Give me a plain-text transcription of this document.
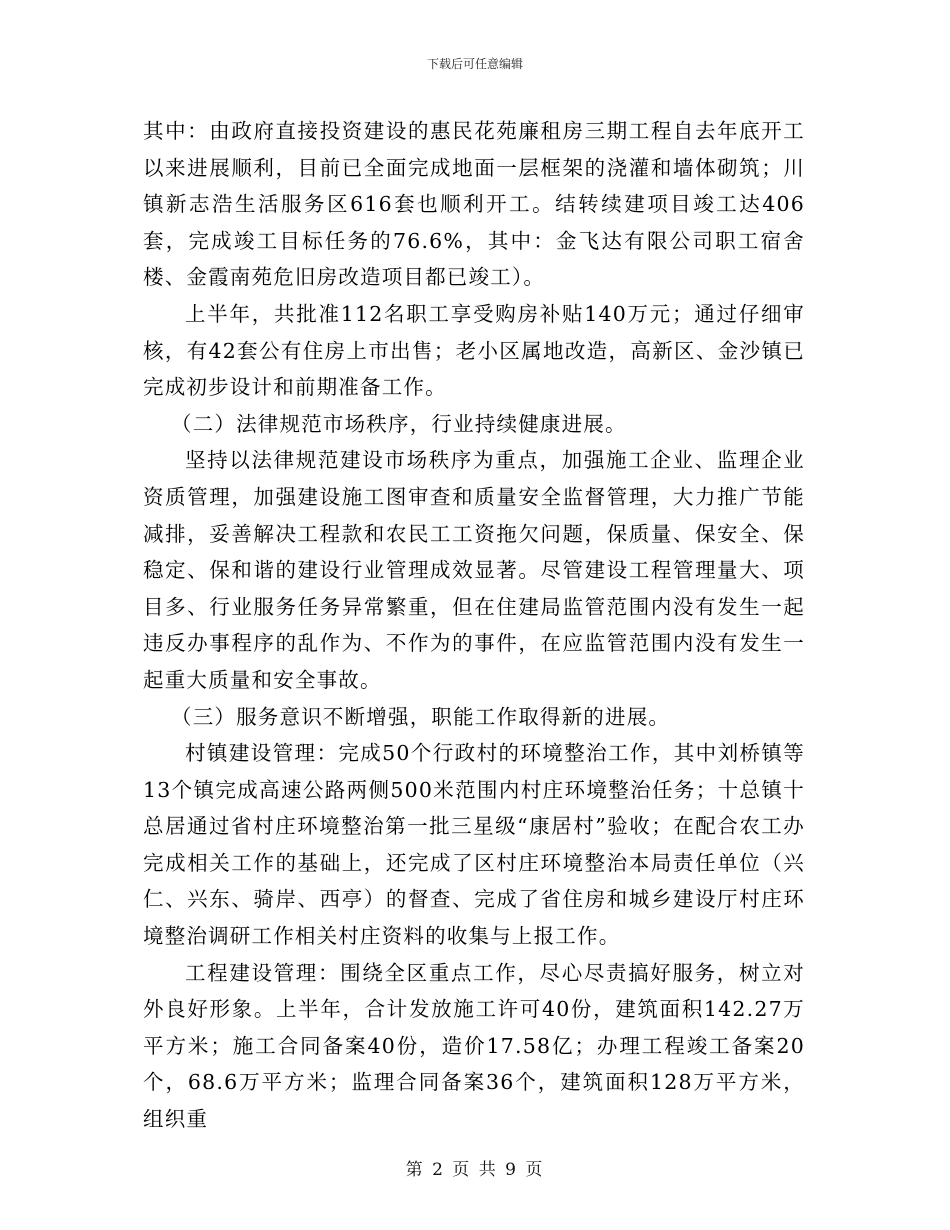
下载后可任意编辑

其中：由政府直接投资建设的惠民花苑廉租房三期工程自去年底开工以来进展顺利，目前已全面完成地面一层框架的浇灌和墙体砌筑；川镇新志浩生活服务区616套也顺利开工。结转续建项目竣工达406套，完成竣工目标任务的76.6%，其中：金飞达有限公司职工宿舍楼、金霞南苑危旧房改造项目都已竣工）。

上半年，共批准112名职工享受购房补贴140万元；通过仔细审核，有42套公有住房上市出售；老小区属地改造，高新区、金沙镇已完成初步设计和前期准备工作。

（二）法律规范市场秩序，行业持续健康进展。

坚持以法律规范建设市场秩序为重点，加强施工企业、监理企业资质管理，加强建设施工图审查和质量安全监督管理，大力推广节能减排，妥善解决工程款和农民工工资拖欠问题，保质量、保安全、保稳定、保和谐的建设行业管理成效显著。尽管建设工程管理量大、项目多、行业服务任务异常繁重，但在住建局监管范围内没有发生一起违反办事程序的乱作为、不作为的事件，在应监管范围内没有发生一起重大质量和安全事故。

（三）服务意识不断增强，职能工作取得新的进展。

村镇建设管理：完成50个行政村的环境整治工作，其中刘桥镇等13个镇完成高速公路两侧500米范围内村庄环境整治任务；十总镇十总居通过省村庄环境整治第一批三星级“康居村”验收；在配合农工办完成相关工作的基础上，还完成了区村庄环境整治本局责任单位（兴仁、兴东、骑岸、西亭）的督查、完成了省住房和城乡建设厅村庄环境整治调研工作相关村庄资料的收集与上报工作。

工程建设管理：围绕全区重点工作，尽心尽责搞好服务，树立对外良好形象。上半年，合计发放施工许可40份，建筑面积142.27万平方米；施工合同备案40份，造价17.58亿；办理工程竣工备案20个，68.6万平方米；监理合同备案36个，建筑面积128万平方米，组织重

第 2 页 共 9 页
